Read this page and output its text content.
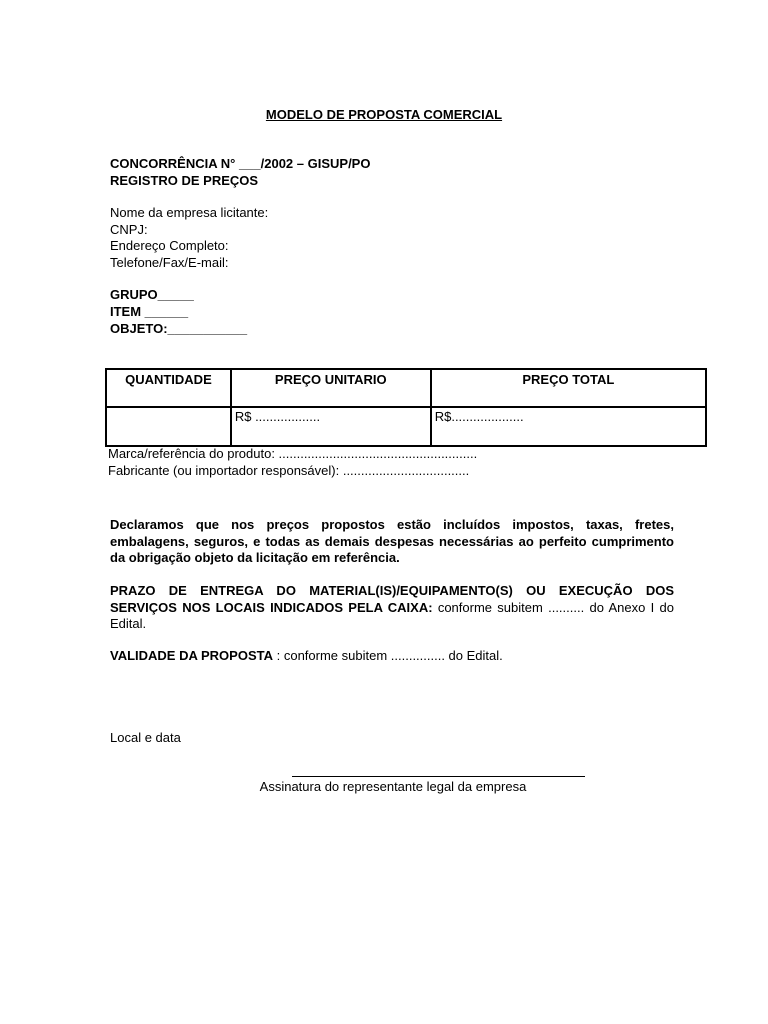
MODELO DE PROPOSTA COMERCIAL
CONCORRÊNCIA N° ___/2002 – GISUP/PO
REGISTRO DE PREÇOS
Nome da empresa licitante:
CNPJ:
Endereço Completo:
Telefone/Fax/E-mail:
GRUPO_____
ITEM ______
OBJETO:___________
QUANTIDADE	PREÇO UNITARIO	PREÇO TOTAL
	R$ ..................	R$....................
Marca/referência do produto: .......................................................
Fabricante (ou importador responsável): ...................................
Declaramos que nos preços propostos estão incluídos impostos, taxas, fretes, embalagens, seguros, e todas as demais despesas necessárias ao perfeito cumprimento da obrigação objeto da licitação em referência.
PRAZO DE ENTREGA DO MATERIAL(IS)/EQUIPAMENTO(S) OU EXECUÇÃO DOS SERVIÇOS NOS LOCAIS INDICADOS PELA CAIXA: conforme subitem .......... do Anexo I do Edital.
VALIDADE DA PROPOSTA : conforme subitem ............... do Edital.
Local e data
Assinatura do representante legal da empresa
